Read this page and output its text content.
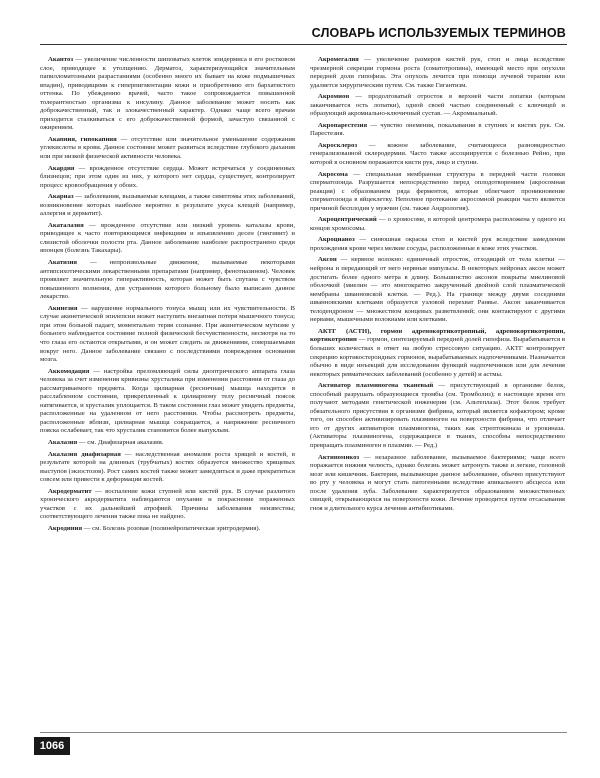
СЛОВАРЬ ИСПОЛЬЗУЕМЫХ ТЕРМИНОВ

Акантоз — увеличение численности шиповатых клеток эпидермиса в его ростковом слое, приводящее к утолщению. Дерматоз, характеризующийся значительным папилломатозными разрастаниями (особенно много их бывает на коже подмышечных впадин), приводящими к гиперпигментации кожи и приобретению его бархатистого оттенка. По убеждению врачей, часто такое сопровождается повышенной толерантностью организма к инсулину. Данное заболевание может носить как доброкачественный, так и злокачественный характер. Однако чаще всего врачам приходится сталкиваться с его доброкачественной формой, зачастую связанной с ожирением.

Акапния, гипокапния — отсутствие или значительное уменьшение содержания углекислоты в крови. Данное состояние может развиться вследствие глубокого дыхания или при низкой физической активности человека.

Акардия — врожденное отсутствие сердца. Может встречаться у соединенных близнецов; при этом один из них, у которого нет сердца, существует, контролирует процесс кровообращения у обоих.

Акариаз — заболевания, вызываемые клещами, а также симптомы этих заболеваний, возникновение которых наиболее вероятно в результате укуса клещей (например, аллергия и дерматит).

Акаталазия — врожденное отсутствие или низкий уровень каталазы крови, приводящее к часто повторяющимся инфекциям и изъязвлению десен (гингивит) и слизистой оболочки полости рта. Данное заболевание наиболее распространено среди японцев (болезнь Такахары).

Акатизия — непроизвольные движения, вызываемые некоторыми антипсихотическими лекарственными препаратами (например, фенотиазином). Человек проявляет значительную гиперактивность, которая может быть спутана с чувством повышенного волнения, для устранения которого больному было выписано данное лекарство.

Акинезия — нарушение нормального тонуса мышц или их чувствительности. В случае акинетической эпилепсии может наступить внезапная потеря мышечного тонуса; при этом больной падает, моментально теряя сознание. При акинетическом мутизме у больного наблюдается состояние полной физической бесчувственности, несмотря на то что глаза его остаются открытыми, и он может следить за движениями, совершаемыми вокруг него. Данное заболевание связано с последствиями повреждения основания мозга.

Аккомодация — настройка преломляющей силы диоптрического аппарата глаза человека за счет изменения кривизны хрусталика при изменении расстояния от глаза до рассматриваемого предмета. Когда цилиарная (ресничная) мышца находится в расслабленном состоянии, прикрепленный к цилиарному телу ресничный поясок натягивается, и хрусталик уплощается. В таком состоянии глаз может увидеть предметы, расположенные на удаленном от него расстоянии. Чтобы рассмотреть предметы, расположенные вблизи, цилиарная мышца сокращается, а напряжение ресничного пояска ослабевает, так что хрусталик становится более выпуклым.

Акалазия — см. Диафизарная акалазия.

Акалазия диафизарная — наследственная аномалия роста хрящей и костей, в результате которой на длинных (трубчатых) костях образуется множество хрящевых выступов (экзостозов). Рост самих костей также может замедлиться и даже прекратиться совсем или привести к деформации костей.

Акродерматит — воспаление кожи ступней или кистей рук. В случае разлитого хронического акродерматита наблюдаются опухание и покраснение пораженных участков с их дальнейшей атрофией. Причины заболевания неизвестны; соответствующего лечения также пока не найдено.

Акродиния — см. Болезнь розовая (полинейропатическая эритродермия).

Акромегалия — увеличение размеров кистей рук, стоп и лица вследствие чрезмерной секреции гормона роста (соматотропина), имеющей место при опухоли передней доли гипофиза. Эта опухоль лечится при помощи лучевой терапии или удаляется хирургическим путем. См. также Гигантизм.

Акромион — продолговатый отросток в верхней части лопатки (которым заканчивается ость лопатки), одной своей частью соединенный с ключицей и образующий акромиально-ключичный сустав. — Акромиальный.

Акропарестезия — чувство онемения, покалывания в ступнях и кистях рук. См. Парестезия.

Акросклероз — кожное заболевание, считающееся разновидностью генерализованной склеродермии. Часто также ассоциируется с болезнью Рейно, при которой в основном поражаются кисти рук, лицо и ступни.

Акросома — специальная мембранная структура в передней части головки сперматозоида. Разрушается непосредственно перед оплодотворением (акросомная реакция) с образованием ряда ферментов, которые облегчают проникновение сперматозоида в яйцеклетку. Неполное протекание акросомной реакции часто является причиной бесплодия у мужчин (см. также Андрология).

Акроцентрический — о хромосоме, в которой центромера расположена у одного из концов хромосомы.

Акроцианоз — синюшная окраска стоп и кистей рук вследствие замедления прохождения крови через мелкие сосуды, расположенные в коже этих участков.

Аксон — нервное волокно: единичный отросток, отходящий от тела клетки — нейрона и передающий от него нервные импульсы. В некоторых нейронах аксон может достигать более одного метра в длину. Большинство аксонов покрыты миелиновой оболочкой (миелин — это многократно закрученный двойной слой плазматической мембраны шванновской клетки. — Ред.). На границе между двумя соседними шванновскими клетками образуется узловой перехват Ранвье. Аксон заканчивается телодендроном — множеством концевых разветвлений; они контактируют с другими нервами, мышечными волокнами или клетками.

АКТГ (АСТН), гормон адренокортикотропный, адренокортикотропин, кортикотропин — гормон, синтезируемый передней долей гипофиза. Вырабатывается в больших количествах в ответ на любую стрессовую ситуацию. АКТГ контролирует секрецию кортикостероидных гормонов, вырабатываемых надпочечниками. Назначается обычно в виде инъекций для исследования функций надпочечников или для лечения некоторых ревматических заболеваний (особенно у детей) и астмы.

Активатор плазминогена тканевый — присутствующий в организме белок, способный разрушать образующиеся тромбы (см. Тромболиз); в настоящее время его получают методами генетической инженерии (см. Альтеплаза). Этот белок требует обязательного присутствия в организме фибрина, который является кофактором; кроме того, он способен активизировать плазминоген на поверхности фибрина, что отличает его от других активаторов плазминогена, таких как стрептокиназа и урокиназа. (Активаторы плазминогена, содержащиеся в тканях, способны непосредственно превращать плазминоген в плазмин. — Ред.)

Актиномикоз — незаразное заболевание, вызываемое бактериями; чаще всего поражается нижняя челюсть, однако болезнь может затронуть также и легкие, головной мозг или кишечник. Бактерии, вызывающие данное заболевание, обычно присутствуют во рту у человека и могут стать патогенными вследствие апикального абсцесса или после удаления зуба. Заболевание характеризуется образованием множественных свищей, открывающихся на поверхности кожи. Лечение проводится путем отсасывания гноя и длительного курса лечения антибиотиками.

1066
